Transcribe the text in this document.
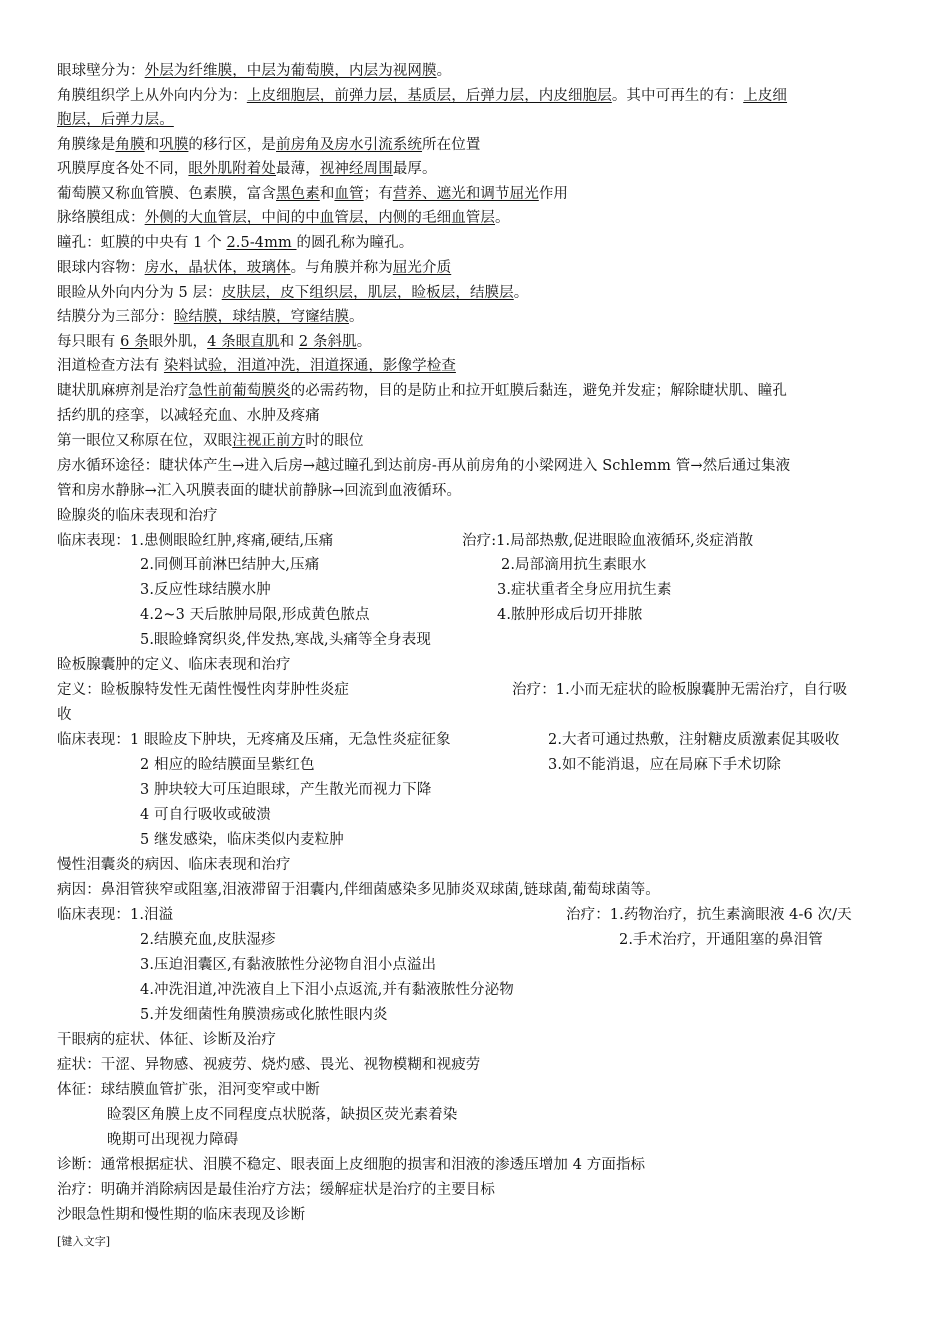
眼球壁分为：外层为纤维膜，中层为葡萄膜，内层为视网膜。
角膜组织学上从外向内分为：上皮细胞层，前弹力层，基质层，后弹力层，内皮细胞层。其中可再生的有：上皮细
胞层，后弹力层。
角膜缘是角膜和巩膜的移行区，是前房角及房水引流系统所在位置
巩膜厚度各处不同，眼外肌附着处最薄，视神经周围最厚。
葡萄膜又称血管膜、色素膜，富含黑色素和血管；有营养、遮光和调节屈光作用
脉络膜组成：外侧的大血管层，中间的中血管层，内侧的毛细血管层。
瞳孔：虹膜的中央有 1 个 2.5-4mm 的圆孔称为瞳孔。
眼球内容物：房水，晶状体，玻璃体。与角膜并称为屈光介质
眼睑从外向内分为 5 层：皮肤层，皮下组织层，肌层，睑板层，结膜层。
结膜分为三部分：睑结膜，球结膜，穹窿结膜。
每只眼有 6 条眼外肌，4 条眼直肌和 2 条斜肌。
泪道检查方法有 染料试验，泪道冲洗，泪道探通，影像学检查
睫状肌麻痹剂是治疗急性前葡萄膜炎的必需药物，目的是防止和拉开虹膜后黏连，避免并发症；解除睫状肌、瞳孔
括约肌的痉挛，以减轻充血、水肿及疼痛
第一眼位又称原在位，双眼注视正前方时的眼位
房水循环途径：睫状体产生→进入后房→越过瞳孔到达前房-再从前房角的小梁网进入 Schlemm 管→然后通过集液
管和房水静脉→汇入巩膜表面的睫状前静脉→回流到血液循环。
睑腺炎的临床表现和治疗
临床表现：1.患侧眼睑红肿,疼痛,硬结,压痛	治疗:1.局部热敷,促进眼睑血液循环,炎症消散
2.同侧耳前淋巴结肿大,压痛	2.局部滴用抗生素眼水
3.反应性球结膜水肿	3.症状重者全身应用抗生素
4.2~3 天后脓肿局限,形成黄色脓点	4.脓肿形成后切开排脓
5.眼睑蜂窝织炎,伴发热,寒战,头痛等全身表现
睑板腺囊肿的定义、临床表现和治疗
定义：睑板腺特发性无菌性慢性肉芽肿性炎症	治疗：1.小而无症状的睑板腺囊肿无需治疗，自行吸
收
临床表现：1 眼睑皮下肿块，无疼痛及压痛，无急性炎症征象	2.大者可通过热敷，注射糖皮质激素促其吸收
2 相应的睑结膜面呈紫红色	3.如不能消退，应在局麻下手术切除
3 肿块较大可压迫眼球，产生散光而视力下降
4 可自行吸收或破溃
5 继发感染，临床类似内麦粒肿
慢性泪囊炎的病因、临床表现和治疗
病因：鼻泪管狭窄或阻塞,泪液滞留于泪囊内,伴细菌感染多见肺炎双球菌,链球菌,葡萄球菌等。
临床表现：1.泪溢	治疗：1.药物治疗，抗生素滴眼液 4-6 次/天
2.结膜充血,皮肤湿疹	2.手术治疗，开通阻塞的鼻泪管
3.压迫泪囊区,有黏液脓性分泌物自泪小点溢出
4.冲洗泪道,冲洗液自上下泪小点返流,并有黏液脓性分泌物
5.并发细菌性角膜溃疡或化脓性眼内炎
干眼病的症状、体征、诊断及治疗
症状：干涩、异物感、视疲劳、烧灼感、畏光、视物模糊和视疲劳
体征：球结膜血管扩张，泪河变窄或中断
睑裂区角膜上皮不同程度点状脱落，缺损区荧光素着染
晚期可出现视力障碍
诊断：通常根据症状、泪膜不稳定、眼表面上皮细胞的损害和泪液的渗透压增加 4 方面指标
治疗：明确并消除病因是最佳治疗方法；缓解症状是治疗的主要目标
沙眼急性期和慢性期的临床表现及诊断
[键入文字]
